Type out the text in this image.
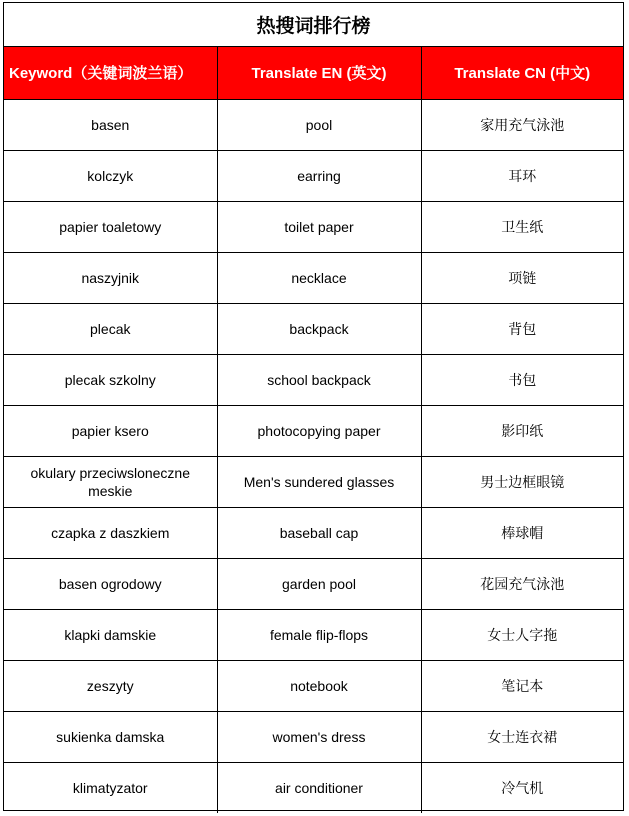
热搜词排行榜
Keyword（关键词波兰语）	Translate EN (英文)	Translate CN (中文)
basen	pool	家用充气泳池
kolczyk	earring	耳环
papier toaletowy	toilet paper	卫生纸
naszyjnik	necklace	项链
plecak	backpack	背包
plecak szkolny	school backpack	书包
papier ksero	photocopying paper	影印纸
okulary przeciwsloneczne meskie	Men's sundered glasses	男士边框眼镜
czapka z daszkiem	baseball cap	棒球帽
basen ogrodowy	garden pool	花园充气泳池
klapki damskie	female flip-flops	女士人字拖
zeszyty	notebook	笔记本
sukienka damska	women's dress	女士连衣裙
klimatyzator	air conditioner	冷气机
